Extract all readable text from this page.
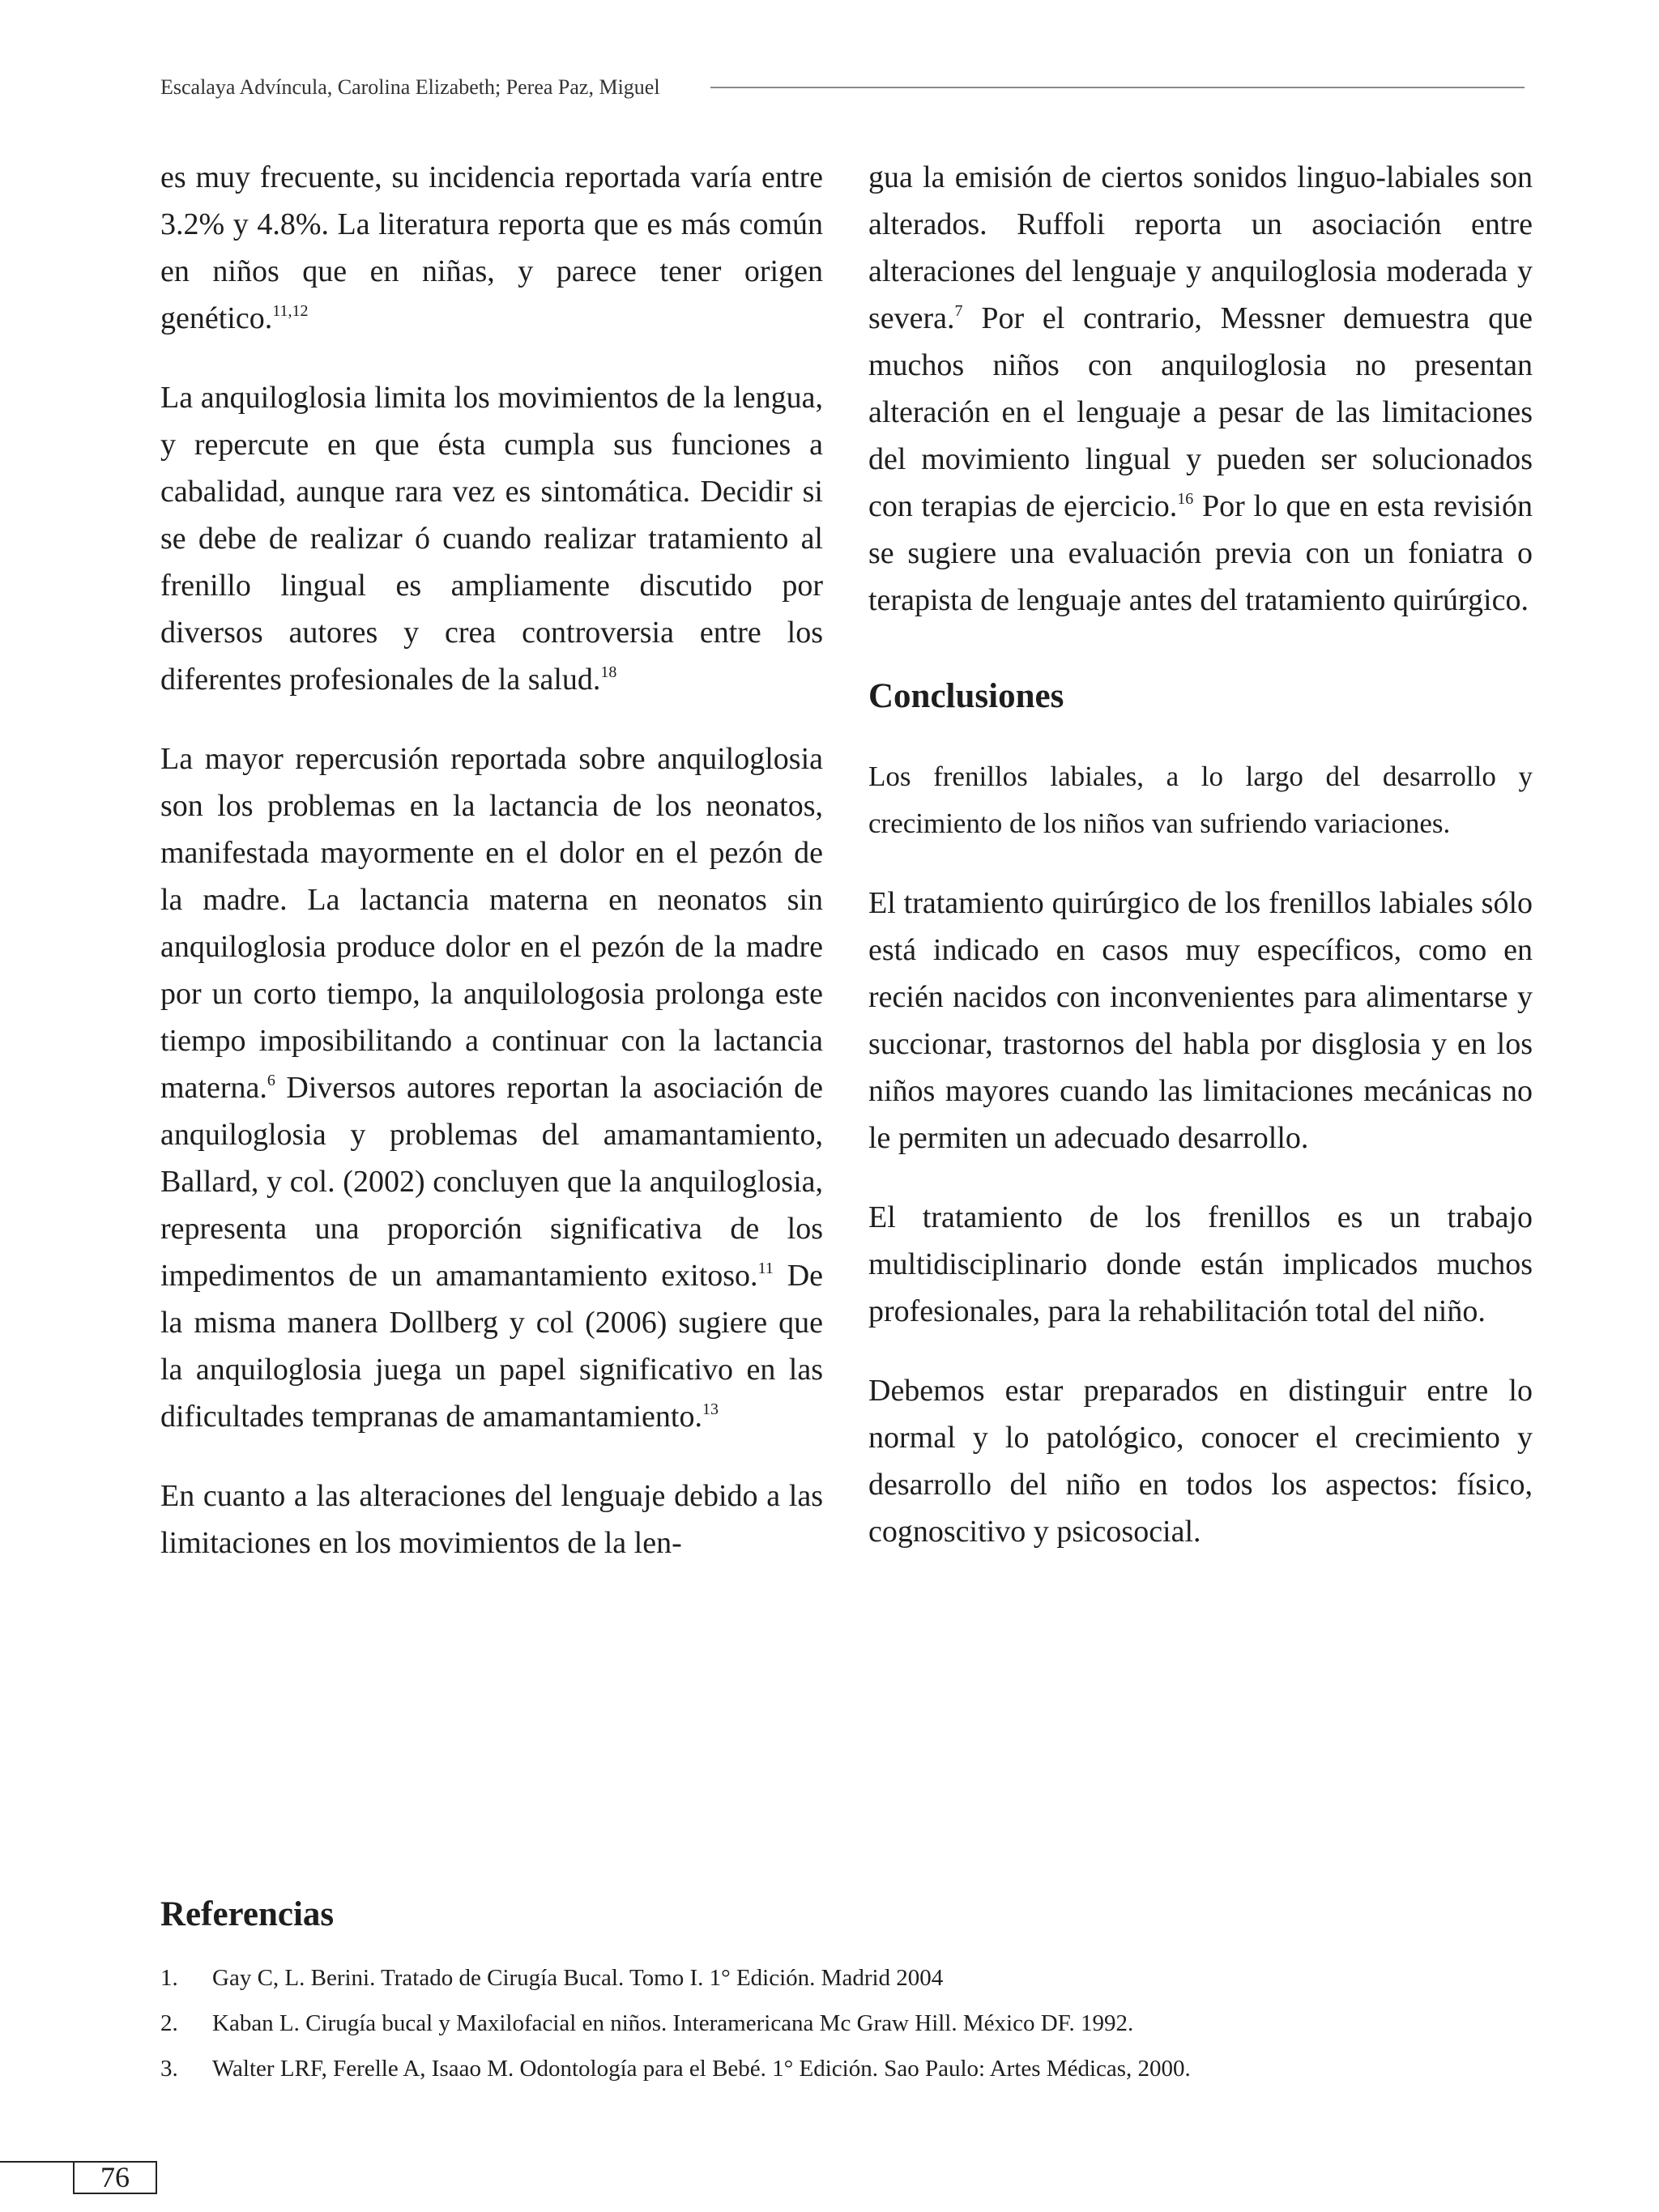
Escalaya Advíncula, Carolina Elizabeth; Perea Paz, Miguel

es muy frecuente, su incidencia reportada varía entre 3.2% y 4.8%. La literatura reporta que es más común en niños que en niñas, y parece tener origen genético.$^{11,12}$

La anquiloglosia limita los movimientos de la lengua, y repercute en que ésta cumpla sus funciones a cabalidad, aunque rara vez es sintomática. Decidir si se debe de realizar ó cuando realizar tratamiento al frenillo lingual es ampliamente discutido por diversos autores y crea controversia entre los diferentes profesionales de la salud.$^{18}$

La mayor repercusión reportada sobre anquiloglosia son los problemas en la lactancia de los neonatos, manifestada mayormente en el dolor en el pezón de la madre. La lactancia materna en neonatos sin anquiloglosia produce dolor en el pezón de la madre por un corto tiempo, la anquilologosia prolonga este tiempo imposibilitando a continuar con la lactancia materna.$^6$ Diversos autores reportan la asociación de anquiloglosia y problemas del amamantamiento, Ballard, y col. (2002) concluyen que la anquiloglosia, representa una proporción significativa de los impedimentos de un amamantamiento exitoso.$^{11}$ De la misma manera Dollberg y col (2006) sugiere que la anquiloglosia juega un papel significativo en las dificultades tempranas de amamantamiento.$^{13}$

En cuanto a las alteraciones del lenguaje debido a las limitaciones en los movimientos de la len-

gua la emisión de ciertos sonidos linguo-labiales son alterados. Ruffoli reporta un asociación entre alteraciones del lenguaje y anquiloglosia moderada y severa.$^7$ Por el contrario, Messner demuestra que muchos niños con anquiloglosia no presentan alteración en el lenguaje a pesar de las limitaciones del movimiento lingual y pueden ser solucionados con terapias de ejercicio.$^{16}$ Por lo que en esta revisión se sugiere una evaluación previa con un foniatra o terapista de lenguaje antes del tratamiento quirúrgico.

Conclusiones

Los frenillos labiales, a lo largo del desarrollo y crecimiento de los niños van sufriendo variaciones.

El tratamiento quirúrgico de los frenillos labiales sólo está indicado en casos muy específicos, como en recién nacidos con inconvenientes para alimentarse y succionar, trastornos del habla por disglosia y en los niños mayores cuando las limitaciones mecánicas no le permiten un adecuado desarrollo.

El tratamiento de los frenillos es un trabajo multidisciplinario donde están implicados muchos profesionales, para la rehabilitación total del niño.

Debemos estar preparados en distinguir entre lo normal y lo patológico, conocer el crecimiento y desarrollo del niño en todos los aspectos: físico, cognoscitivo y psicosocial.

Referencias
1.	Gay C, L. Berini. Tratado de Cirugía Bucal. Tomo I. 1° Edición. Madrid 2004
2.	Kaban L. Cirugía bucal y Maxilofacial en niños. Interamericana Mc Graw Hill. México DF. 1992.
3.	Walter LRF, Ferelle A, Isaao M. Odontología para el Bebé. 1° Edición. Sao Paulo: Artes Médicas, 2000.
76
